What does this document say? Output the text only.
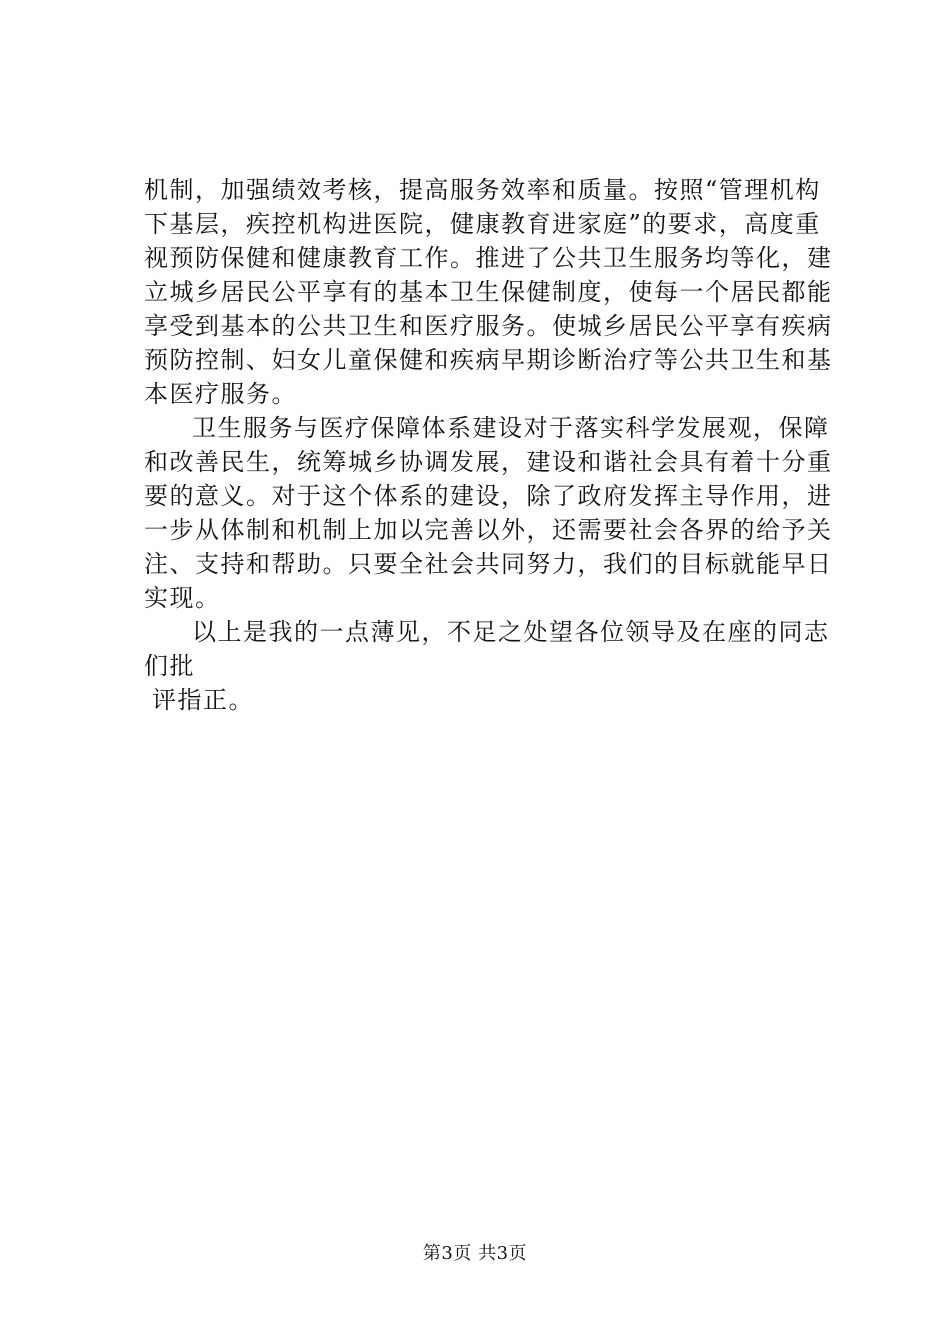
机制，加强绩效考核，提高服务效率和质量。按照“管理机构
下基层，疾控机构进医院，健康教育进家庭”的要求，高度重
视预防保健和健康教育工作。推进了公共卫生服务均等化，建
立城乡居民公平享有的基本卫生保健制度，使每一个居民都能
享受到基本的公共卫生和医疗服务。使城乡居民公平享有疾病
预防控制、妇女儿童保健和疾病早期诊断治疗等公共卫生和基
本医疗服务。
卫生服务与医疗保障体系建设对于落实科学发展观，保障
和改善民生，统筹城乡协调发展，建设和谐社会具有着十分重
要的意义。对于这个体系的建设，除了政府发挥主导作用，进
一步从体制和机制上加以完善以外，还需要社会各界的给予关
注、支持和帮助。只要全社会共同努力，我们的目标就能早日
实现。
以上是我的一点薄见，不足之处望各位领导及在座的同志
们批
评指正。
第3页 共3页
